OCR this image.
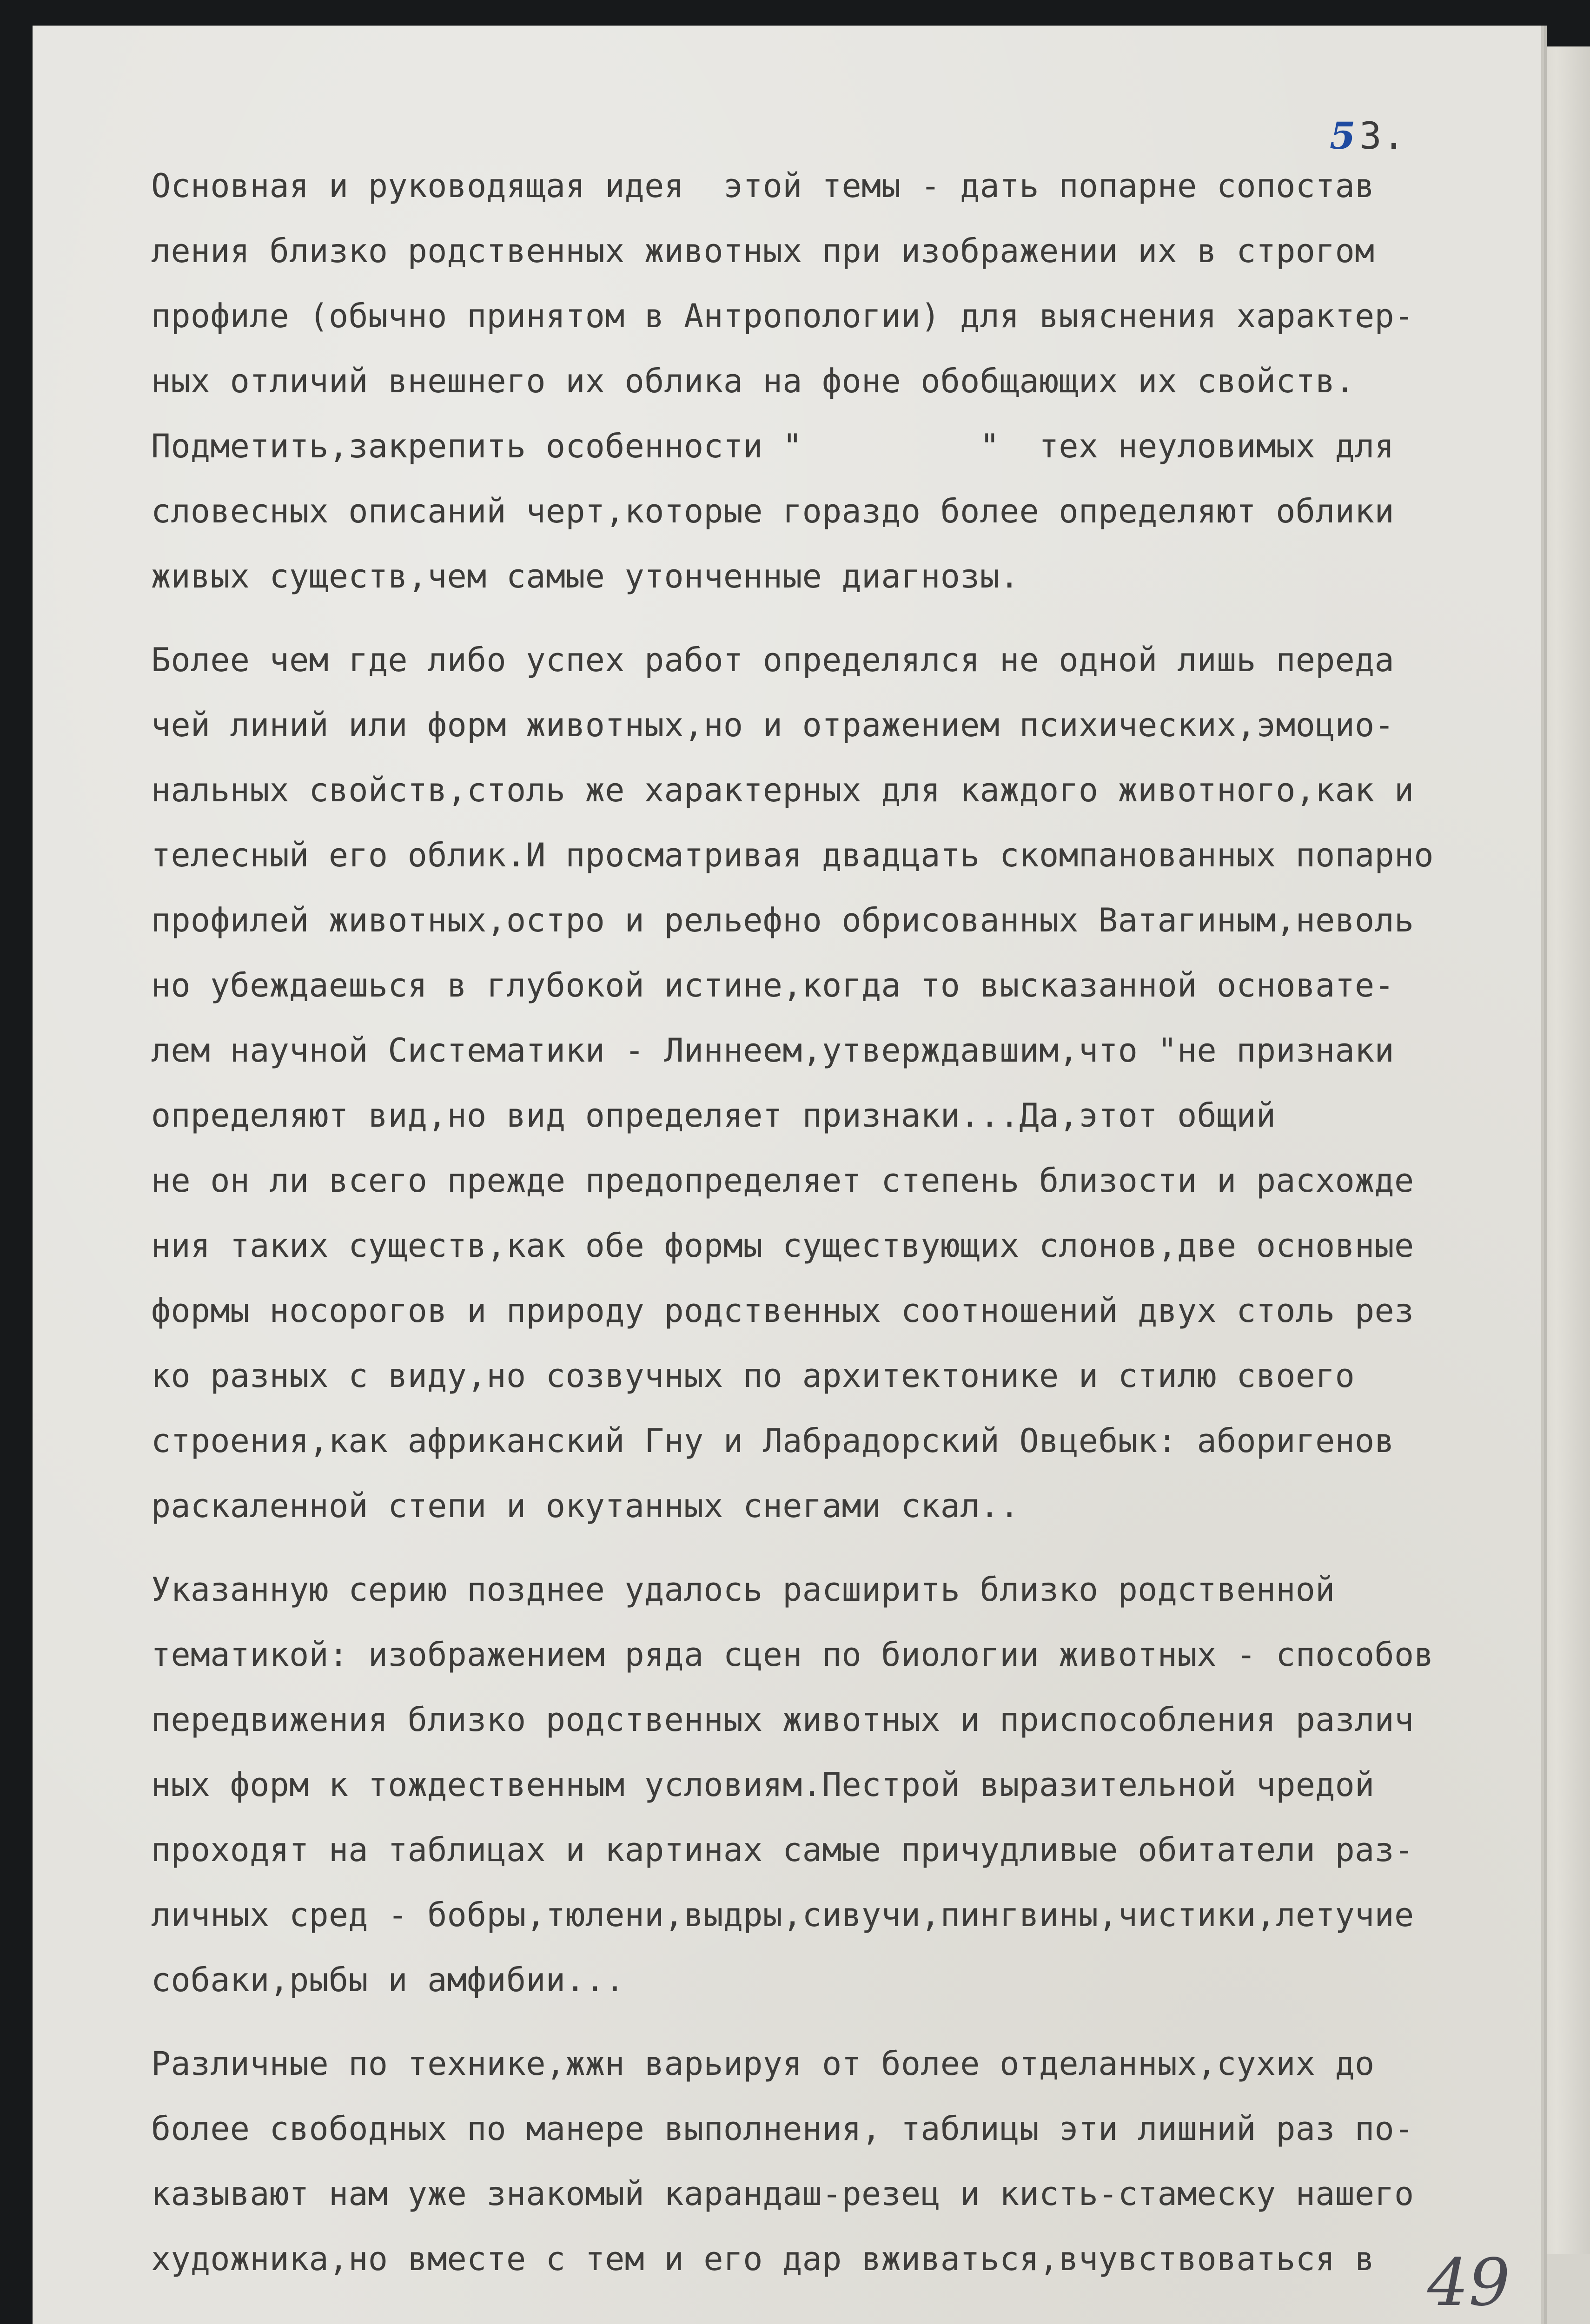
53.
Основная и руководящая идея  этой темы - дать попарне сопостав
ления близко родственных животных при изображении их в строгом
профиле (обычно принятом в Антропологии) для выяснения характер-
ных отличий внешнего их облика на фоне обобщающих их свойств.
Подметить,закрепить особенности "         "  тех неуловимых для
словесных описаний черт,которые гораздо более определяют облики
живых существ,чем самые утонченные диагнозы.
Более чем где либо успех работ определялся не одной лишь переда
чей линий или форм животных,но и отражением психических,эмоцио-
нальных свойств,столь же характерных для каждого животного,как и
телесный его облик.И просматривая двадцать скомпанованных попарно
профилей животных,остро и рельефно обрисованных Ватагиным,неволь
но убеждаешься в глубокой истине,когда то высказанной основате-
лем научной Систематики - Линнеем,утверждавшим,что "не признаки
определяют вид,но вид определяет признаки...Да,этот общий
не он ли всего прежде предопределяет степень близости и расхожде
ния таких существ,как обе формы существующих слонов,две основные
формы носорогов и природу родственных соотношений двух столь рез
ко разных с виду,но созвучных по архитектонике и стилю своего
строения,как африканский Гну и Лабрадорский Овцебык: аборигенов
раскаленной степи и окутанных снегами скал..
Указанную серию позднее удалось расширить близко родственной
тематикой: изображением ряда сцен по биологии животных - способов
передвижения близко родственных животных и приспособления различ
ных форм к тождественным условиям.Пестрой выразительной чредой
проходят на таблицах и картинах самые причудливые обитатели раз-
личных сред - бобры,тюлени,выдры,сивучи,пингвины,чистики,летучие
собаки,рыбы и амфибии...
Различные по технике,жжн варьируя от более отделанных,сухих до
более свободных по манере выполнения, таблицы эти лишний раз по-
казывают нам уже знакомый карандаш-резец и кисть-стамеску нашего
художника,но вместе с тем и его дар вживаться,вчувствоваться в 49
